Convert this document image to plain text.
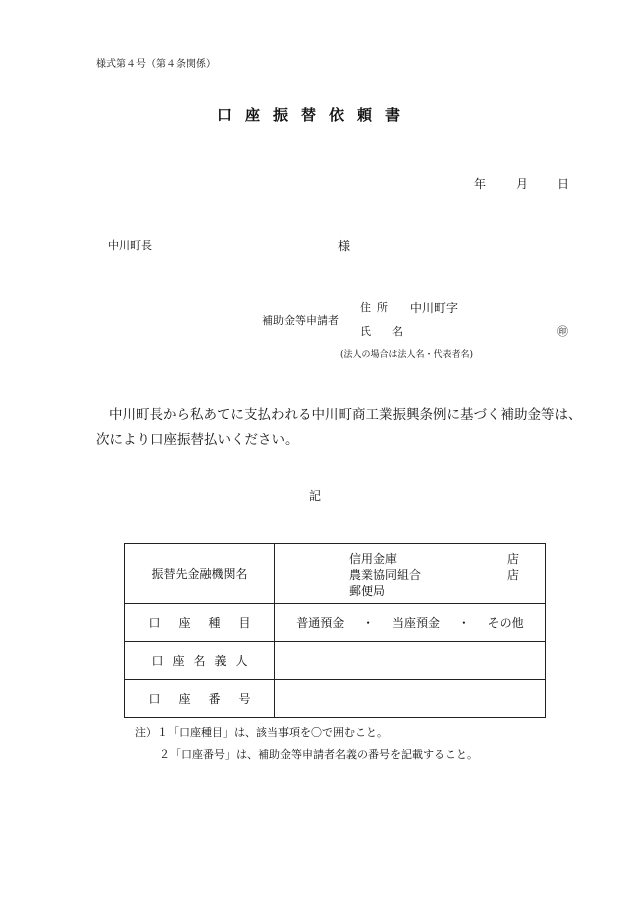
様式第４号（第４条関係）
口座振替依頼書
年 月 日
中川町長	様
補助金等申請者
住所 中川町字
氏名	㊞
(法人の場合は法人名・代表者名)
中川町長から私あてに支払われる中川町商工業振興条例に基づく補助金等は、次により口座振替払いください。
記
振替先金融機関名	信用金庫 店
農業協同組合 店
郵便局

口座種目	普通預金 ・ 当座預金 ・ その他
口座名義人	
口座番号	
注）１「口座種目」は、該当事項を〇で囲むこと。
２「口座番号」は、補助金等申請者名義の番号を記載すること。
